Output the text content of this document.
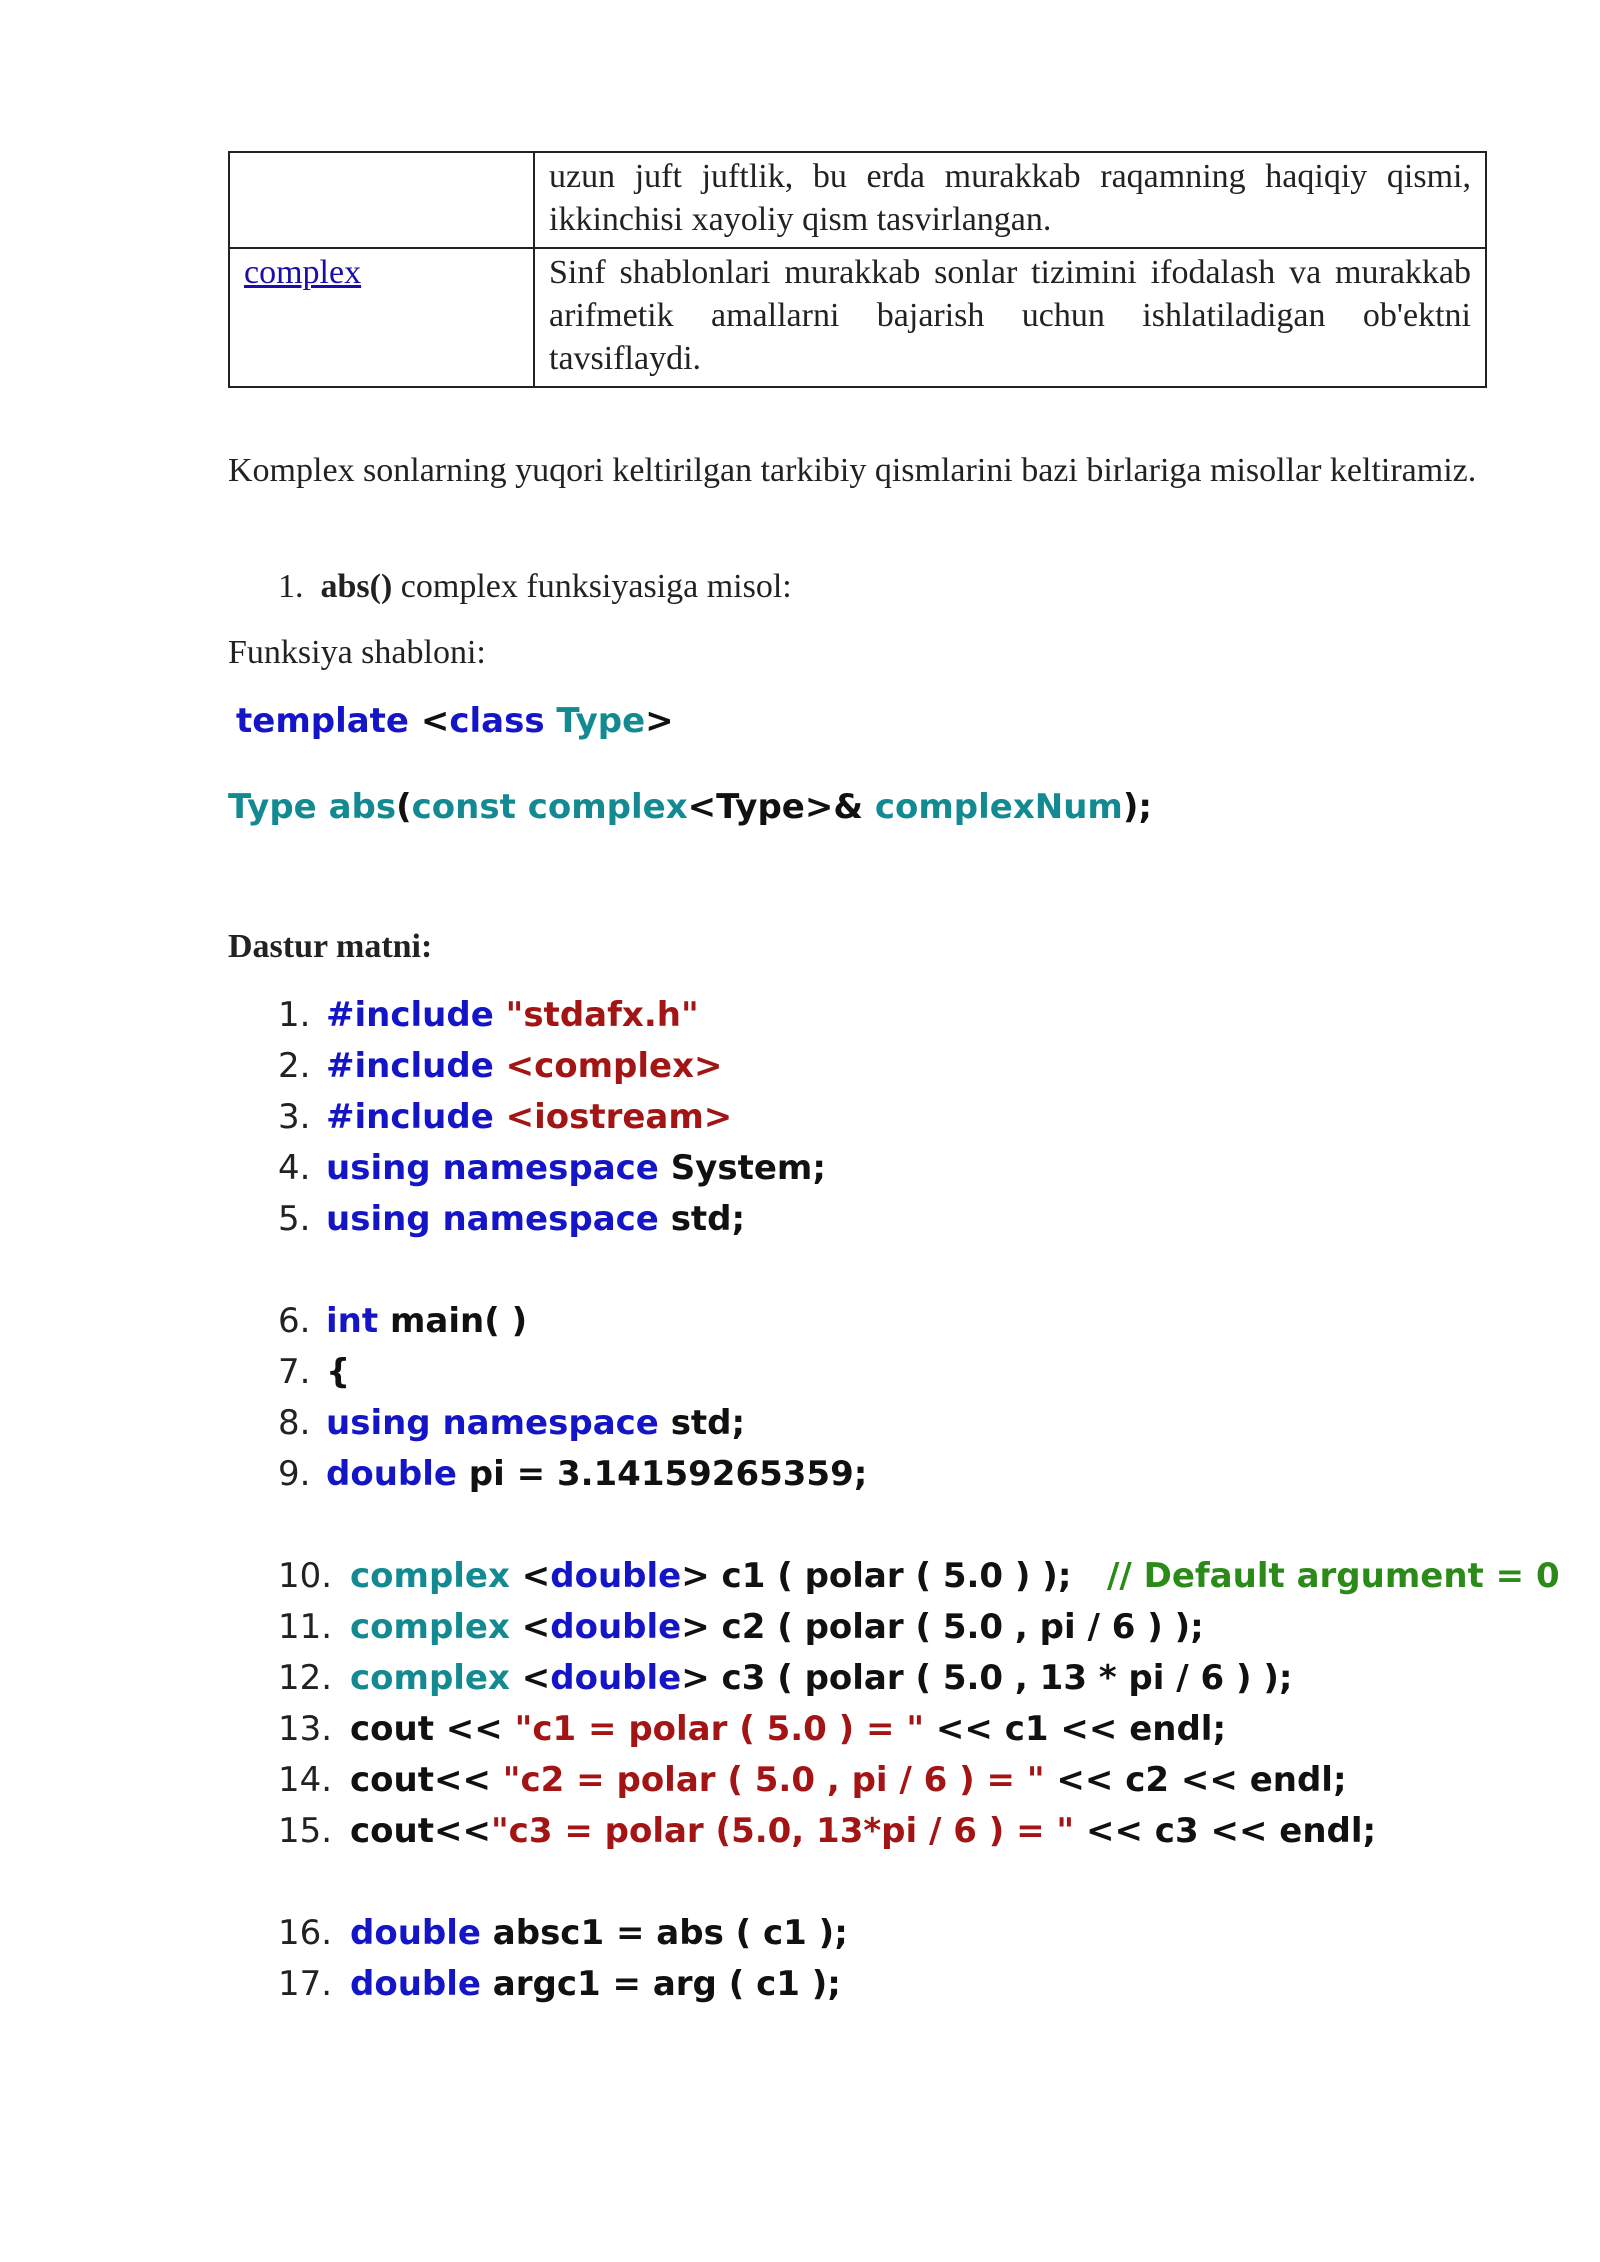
	uzun juft juftlik, bu erda murakkab raqamning haqiqiy qismi, ikkinchisi xayoliy qism tasvirlangan.
complex	Sinf shablonlari murakkab sonlar tizimini ifodalash va murakkab arifmetik amallarni bajarish uchun ishlatiladigan ob'ektni tavsiflaydi.
Komplex sonlarning yuqori keltirilgan tarkibiy qismlarini bazi birlariga misollar keltiramiz.
1. abs() complex funksiyasiga misol:
Funksiya shabloni:
template <class Type>
Type abs(const complex<Type>& complexNum);
Dastur matni:
1. #include "stdafx.h"
2. #include <complex>
3. #include <iostream>
4. using namespace System;
5. using namespace std;
6. int main( )
7. {
8. using namespace std;
9. double pi = 3.14159265359;
10. complex <double> c1 ( polar ( 5.0 ) );   // Default argument = 0
11. complex <double> c2 ( polar ( 5.0 , pi / 6 ) );
12. complex <double> c3 ( polar ( 5.0 , 13 * pi / 6 ) );
13. cout << "c1 = polar ( 5.0 ) = " << c1 << endl;
14. cout<< "c2 = polar ( 5.0 , pi / 6 ) = " << c2 << endl;
15. cout<<"c3 = polar (5.0, 13*pi / 6 ) = " << c3 << endl;
16. double absc1 = abs ( c1 );
17. double argc1 = arg ( c1 );
